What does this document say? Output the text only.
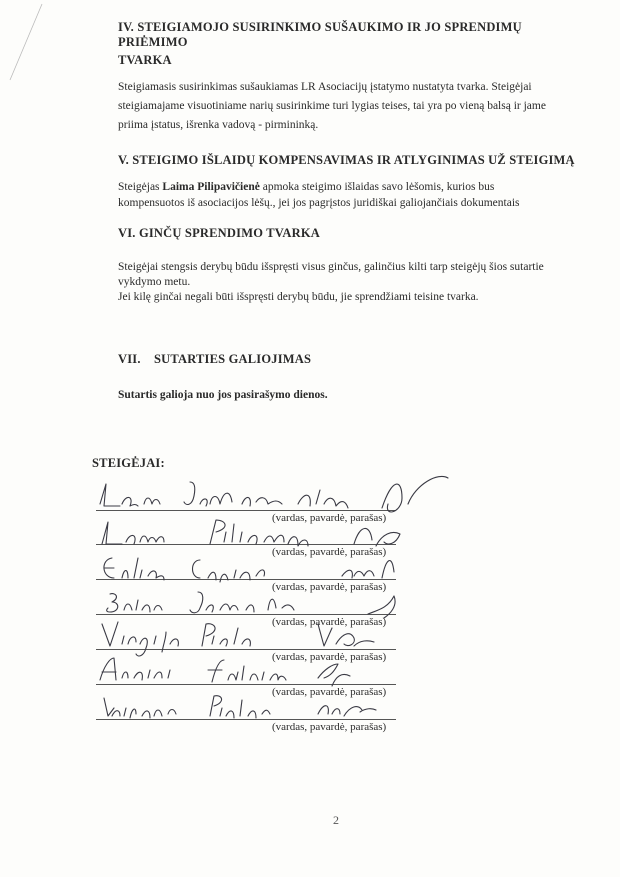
IV. STEIGIAMOJO SUSIRINKIMO SUŠAUKIMO IR JO SPRENDIMŲ PRIĖMIMO
TVARKA
Steigiamasis susirinkimas sušaukiamas LR Asociacijų įstatymo nustatyta tvarka. Steigėjai
steigiamajame visuotiniame narių susirinkime turi lygias teises, tai yra po vieną balsą ir jame
priima įstatus, išrenka vadovą - pirmininką.
V. STEIGIMO IŠLAIDŲ KOMPENSAVIMAS IR ATLYGINIMAS UŽ STEIGIMĄ
Steigėjas Laima Pilipavičienė apmoka steigimo išlaidas savo lėšomis, kurios bus
kompensuotos iš asociacijos lėšų., jei jos pagrįstos juridiškai galiojančiais dokumentais
VI. GINČŲ SPRENDIMO TVARKA
Steigėjai stengsis derybų būdu išspręsti visus ginčus, galinčius kilti tarp steigėjų šios sutartie
vykdymo metu.
Jei kilę ginčai negali būti išspręsti derybų būdu, jie sprendžiami teisine tvarka.
VII.    SUTARTIES GALIOJIMAS
Sutartis galioja nuo jos pasirašymo dienos.
STEIGĖJAI:
(vardas, pavardė, parašas)
(vardas, pavardė, parašas)
(vardas, pavardė, parašas)
(vardas, pavardė, parašas)
(vardas, pavardė, parašas)
(vardas, pavardė, parašas)
(vardas, pavardė, parašas)
2
